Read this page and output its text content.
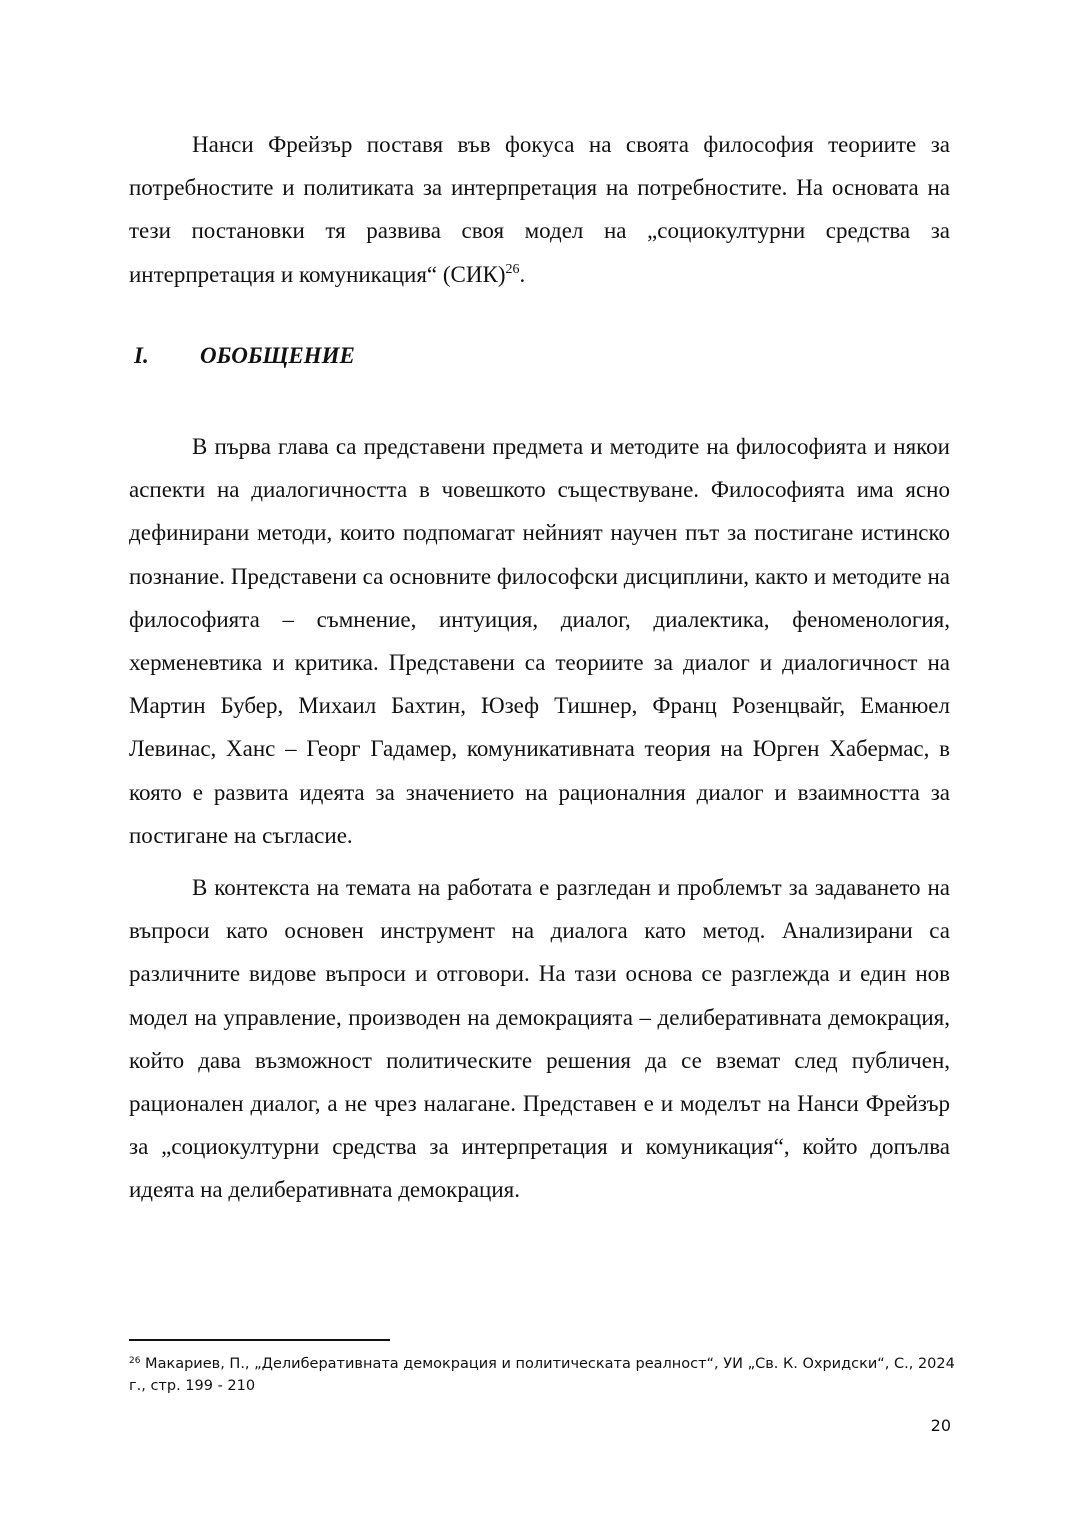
Нанси Фрейзър поставя във фокуса на своята философия теориите за потребностите и политиката за интерпретация на потребностите. На основата на тези постановки тя развива своя модел на „социокултурни средства за интерпретация и комуникация“ (СИК)$^{26}$.

I. ОБОБЩЕНИЕ

В първа глава са представени предмета и методите на философията и някои аспекти на диалогичността в човешкото съществуване. Философията има ясно дефинирани методи, които подпомагат нейният научен път за постигане истинско познание. Представени са основните философски дисциплини, както и методите на философията – съмнение, интуиция, диалог, диалектика, феноменология, херменевтика и критика. Представени са теориите за диалог и диалогичност на Мартин Бубер, Михаил Бахтин, Юзеф Тишнер, Франц Розенцвайг, Еманюел Левинас, Ханс – Георг Гадамер, комуникативната теория на Юрген Хабермас, в която е развита идеята за значението на рационалния диалог и взаимността за постигане на съгласие.

В контекста на темата на работата е разгледан и проблемът за задаването на въпроси като основен инструмент на диалога като метод. Анализирани са различните видове въпроси и отговори. На тази основа се разглежда и един нов модел на управление, производен на демокрацията – делиберативната демокрация, който дава възможност политическите решения да се вземат след публичен, рационален диалог, а не чрез налагане. Представен е и моделът на Нанси Фрейзър за „социокултурни средства за интерпретация и комуникация“, който допълва идеята на делиберативната демокрация.

$^{26}$ Макариев, П., „Делиберативната демокрация и политическата реалност“, УИ „Св. К. Охридски“, С., 2024 г., стр. 199 - 210

20
